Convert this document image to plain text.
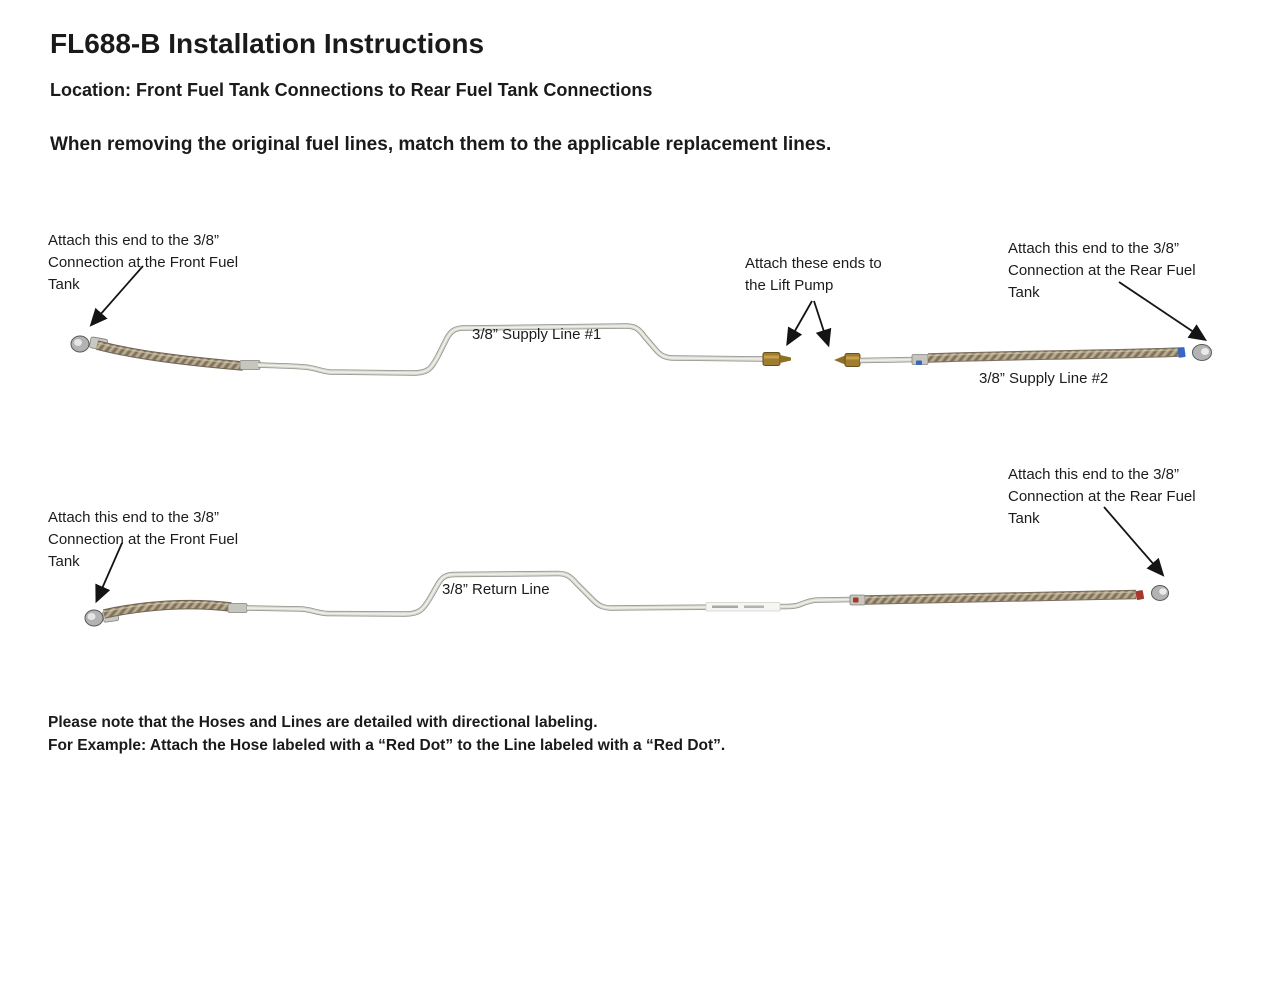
FL688-B Installation Instructions
Location: Front Fuel Tank Connections to Rear Fuel Tank Connections
When removing the original fuel lines, match them to the applicable replacement lines.
Attach this end to the 3/8”
Connection at the Front Fuel
Tank
Attach these ends to
the Lift Pump
Attach this end to the 3/8”
Connection at the Rear Fuel
Tank
Attach this end to the 3/8”
Connection at the Front Fuel
Tank
Attach this end to the 3/8”
Connection at the Rear Fuel
Tank
3/8” Supply Line #1
3/8” Supply Line #2
3/8” Return Line
Please note that the Hoses and Lines are detailed with directional labeling.
For Example: Attach the Hose labeled with a “Red Dot” to the Line labeled with a “Red Dot”.
